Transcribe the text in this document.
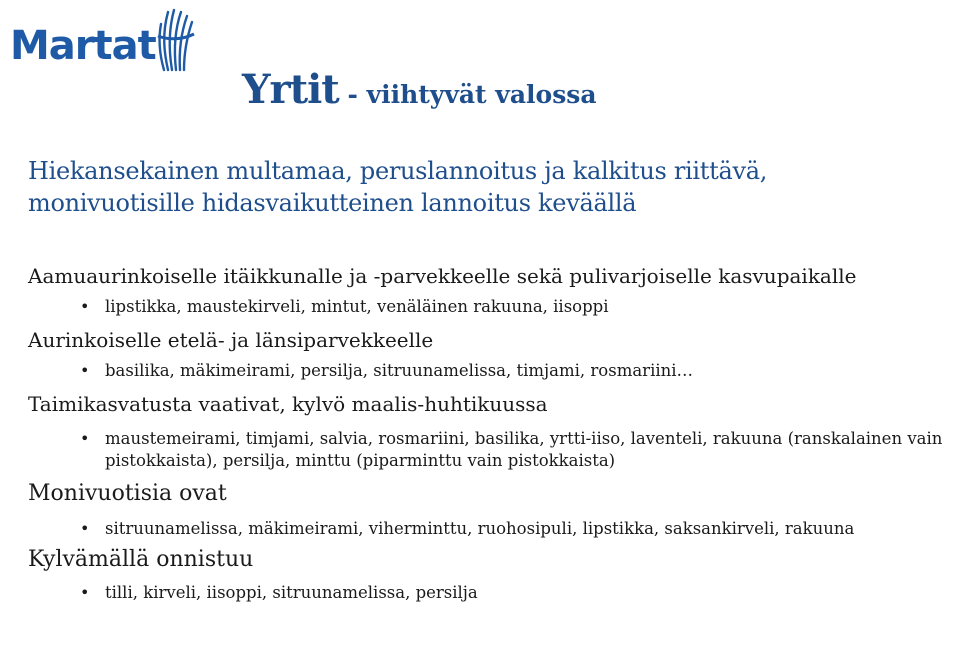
Martat
Yrtit - viihtyvät valossa
Hiekansekainen multamaa, peruslannoitus ja kalkitus riittävä,
monivuotisille hidasvaikutteinen lannoitus keväällä

Aamuaurinkoiselle itäikkunalle ja -parvekkeelle sekä pulivarjoiselle kasvupaikalle

• lipstikka, maustekirveli, mintut, venäläinen rakuuna, iisoppi

Aurinkoiselle etelä- ja länsiparvekkeelle

• basilika, mäkimeirami, persilja, sitruunamelissa, timjami, rosmariini…

Taimikasvatusta vaativat, kylvö maalis-huhtikuussa

• maustemeirami, timjami, salvia, rosmariini, basilika, yrtti-iiso, laventeli, rakuuna (ranskalainen vain pistokkaista), persilja, minttu (piparminttu vain pistokkaista)

Monivuotisia ovat

• sitruunamelissa, mäkimeirami, viherminttu, ruohosipuli, lipstikka, saksankirveli, rakuuna

Kylvämällä onnistuu

• tilli, kirveli, iisoppi, sitruunamelissa, persilja
